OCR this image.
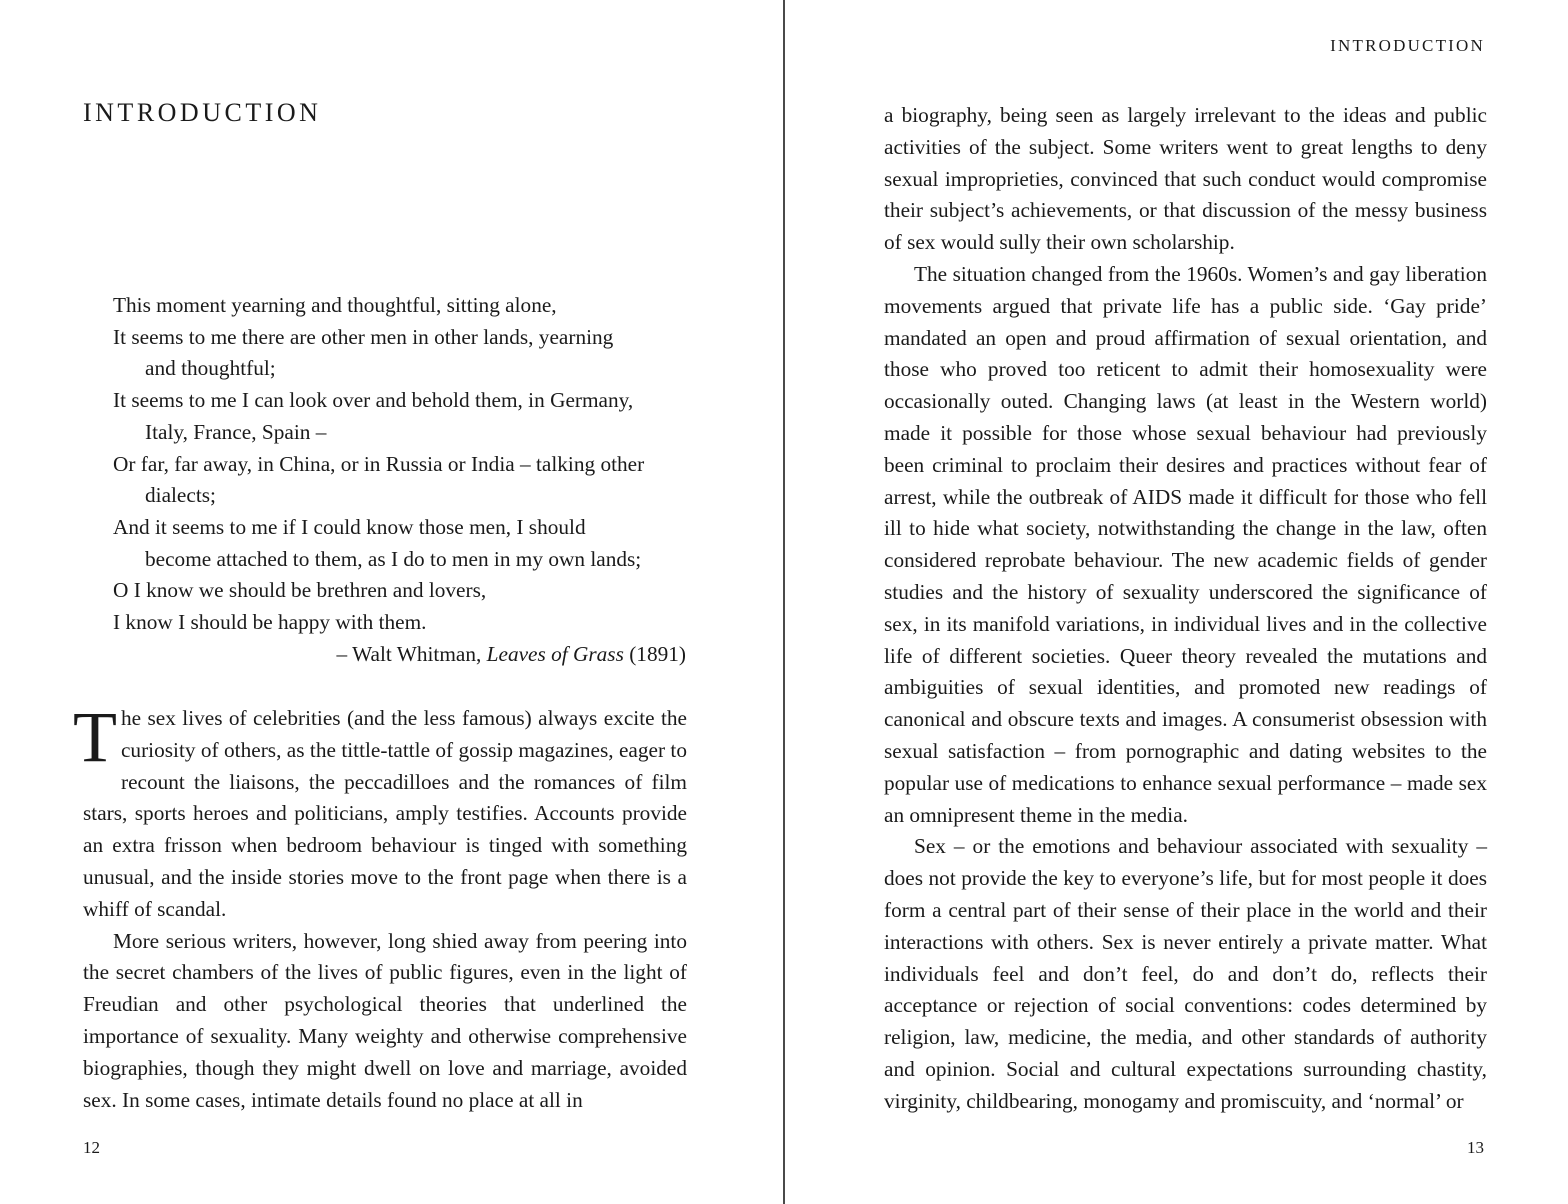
INTRODUCTION

This moment yearning and thoughtful, sitting alone,

It seems to me there are other men in other lands, yearning

and thoughtful;

It seems to me I can look over and behold them, in Germany,

Italy, France, Spain –

Or far, far away, in China, or in Russia or India – talking other

dialects;

And it seems to me if I could know those men, I should

become attached to them, as I do to men in my own lands;

O I know we should be brethren and lovers,

I know I should be happy with them.

– Walt Whitman, Leaves of Grass (1891)

The sex lives of celebrities (and the less famous) always excite the curiosity of others, as the tittle-tattle of gossip magazines, eager to recount the liaisons, the peccadilloes and the romances of film stars, sports heroes and politicians, amply testifies. Accounts provide an extra frisson when bedroom behaviour is tinged with something unusual, and the inside stories move to the front page when there is a whiff of scandal.

More serious writers, however, long shied away from peering into the secret chambers of the lives of public figures, even in the light of Freudian and other psychological theories that underlined the importance of sexuality. Many weighty and otherwise comprehensive biographies, though they might dwell on love and marriage, avoided sex. In some cases, intimate details found no place at all in

12
INTRODUCTION

a biography, being seen as largely irrelevant to the ideas and public activities of the subject. Some writers went to great lengths to deny sexual improprieties, convinced that such conduct would compromise their subject’s achievements, or that discussion of the messy business of sex would sully their own scholarship.

The situation changed from the 1960s. Women’s and gay liberation movements argued that private life has a public side. ‘Gay pride’ mandated an open and proud affirmation of sexual orientation, and those who proved too reticent to admit their homosexuality were occasionally outed. Changing laws (at least in the Western world) made it possible for those whose sexual behaviour had previously been criminal to proclaim their desires and practices without fear of arrest, while the outbreak of AIDS made it difficult for those who fell ill to hide what society, notwithstanding the change in the law, often considered reprobate behaviour. The new academic fields of gender studies and the history of sexuality underscored the significance of sex, in its manifold variations, in individual lives and in the collective life of different societies. Queer theory revealed the mutations and ambiguities of sexual identities, and promoted new readings of canonical and obscure texts and images. A consumerist obsession with sexual satisfaction – from pornographic and dating websites to the popular use of medications to enhance sexual performance – made sex an omnipresent theme in the media.

Sex – or the emotions and behaviour associated with sexuality – does not provide the key to everyone’s life, but for most people it does form a central part of their sense of their place in the world and their interactions with others. Sex is never entirely a private matter. What individuals feel and don’t feel, do and don’t do, reflects their acceptance or rejection of social conventions: codes determined by religion, law, medicine, the media, and other standards of authority and opinion. Social and cultural expectations surrounding chastity, virginity, childbearing, monogamy and promiscuity, and ‘normal’ or

13
